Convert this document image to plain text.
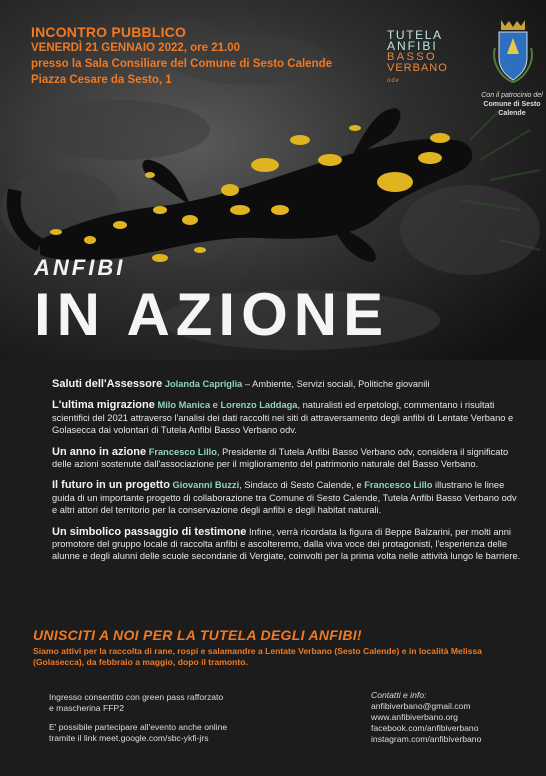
INCONTRO PUBBLICO
VENERDÌ 21 GENNAIO 2022, ore 21.00
presso la Sala Consiliare del Comune di Sesto Calende
Piazza Cesare da Sesto, 1
TUTELA
ANFIBI
BASSO
VERBANO odv
Con il patrocinio del Comune di Sesto Calende
ANFIBI
IN AZIONE

Saluti dell'Assessore Jolanda Capriglia – Ambiente, Servizi sociali, Politiche giovanili

L'ultima migrazione Milo Manica e Lorenzo Laddaga, naturalisti ed erpetologi, commentano i risultati scientifici del 2021 attraverso l'analisi dei dati raccolti nei siti di attraversamento degli anfibi di Lentate Verbano e Golasecca dai volontari di Tutela Anfibi Basso Verbano odv.

Un anno in azione Francesco Lillo, Presidente di Tutela Anfibi Basso Verbano odv, considera il significato delle azioni sostenute dall'associazione per il miglioramento del patrimonio naturale del Basso Verbano.

Il futuro in un progetto Giovanni Buzzi, Sindaco di Sesto Calende, e Francesco Lillo illustrano le linee guida di un importante progetto di collaborazione tra Comune di Sesto Calende, Tutela Anfibi Basso Verbano odv e altri attori del territorio per la conservazione degli anfibi e degli habitat naturali.

Un simbolico passaggio di testimone Infine, verrà ricordata la figura di Beppe Balzarini, per molti anni promotore del gruppo locale di raccolta anfibi e ascolteremo, dalla viva voce dei protagonisti, l'esperienza delle alunne e degli alunni delle scuole secondarie di Vergiate, coinvolti per la prima volta nelle attività lungo le barriere.

UNISCITI A NOI PER LA TUTELA DEGLI ANFIBI!
Siamo attivi per la raccolta di rane, rospi e salamandre a Lentate Verbano (Sesto Calende) e in località Melissa (Golasecca), da febbraio a maggio, dopo il tramonto.

Ingresso consentito con green pass rafforzato
e mascherina FFP2

E' possibile partecipare all'evento anche online
tramite il link meet.google.com/sbc-ykfi-jrs

Contatti e info:
anfibiverbano@gmail.com
www.anfibiverbano.org
facebook.com/anfibiverbano
instagram.com/anfibiverbano
